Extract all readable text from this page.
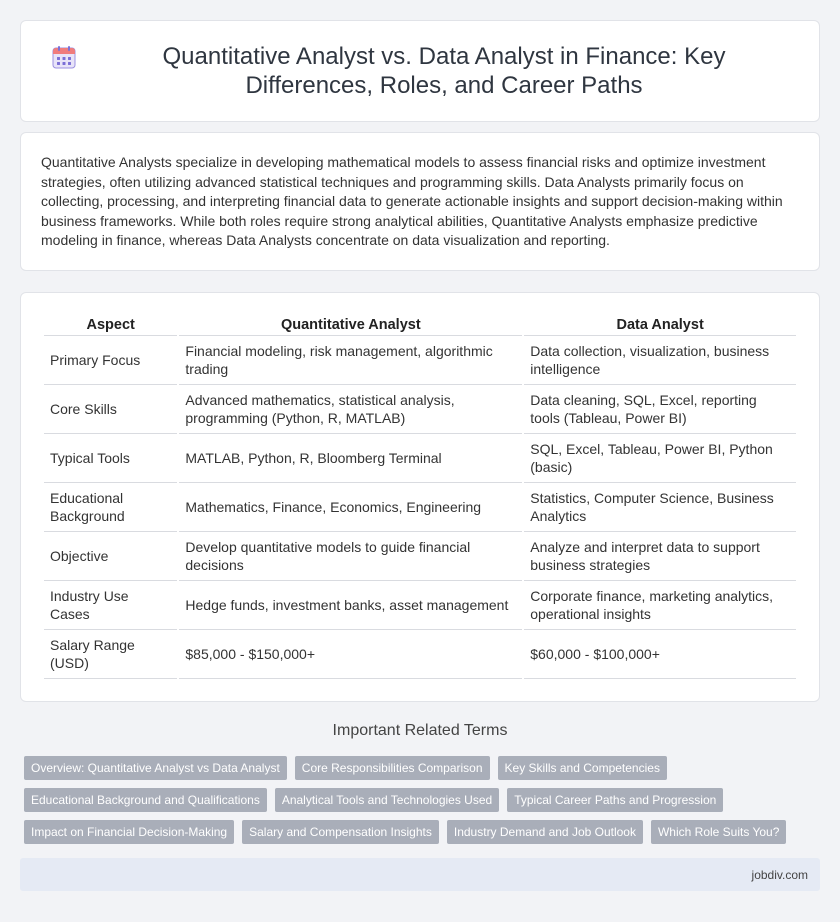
Quantitative Analyst vs. Data Analyst in Finance: Key Differences, Roles, and Career Paths

Quantitative Analysts specialize in developing mathematical models to assess financial risks and optimize investment strategies, often utilizing advanced statistical techniques and programming skills. Data Analysts primarily focus on collecting, processing, and interpreting financial data to generate actionable insights and support decision-making within business frameworks. While both roles require strong analytical abilities, Quantitative Analysts emphasize predictive modeling in finance, whereas Data Analysts concentrate on data visualization and reporting.

Aspect	Quantitative Analyst	Data Analyst
Primary Focus	Financial modeling, risk management, algorithmic trading	Data collection, visualization, business intelligence
Core Skills	Advanced mathematics, statistical analysis, programming (Python, R, MATLAB)	Data cleaning, SQL, Excel, reporting tools (Tableau, Power BI)
Typical Tools	MATLAB, Python, R, Bloomberg Terminal	SQL, Excel, Tableau, Power BI, Python (basic)
Educational Background	Mathematics, Finance, Economics, Engineering	Statistics, Computer Science, Business Analytics
Objective	Develop quantitative models to guide financial decisions	Analyze and interpret data to support business strategies
Industry Use Cases	Hedge funds, investment banks, asset management	Corporate finance, marketing analytics, operational insights
Salary Range (USD)	$85,000 - $150,000+	$60,000 - $100,000+
Important Related Terms
Overview: Quantitative Analyst vs Data Analyst	Core Responsibilities Comparison	Key Skills and Competencies
Educational Background and Qualifications	Analytical Tools and Technologies Used	Typical Career Paths and Progression
Impact on Financial Decision-Making	Salary and Compensation Insights	Industry Demand and Job Outlook	Which Role Suits You?
jobdiv.com
